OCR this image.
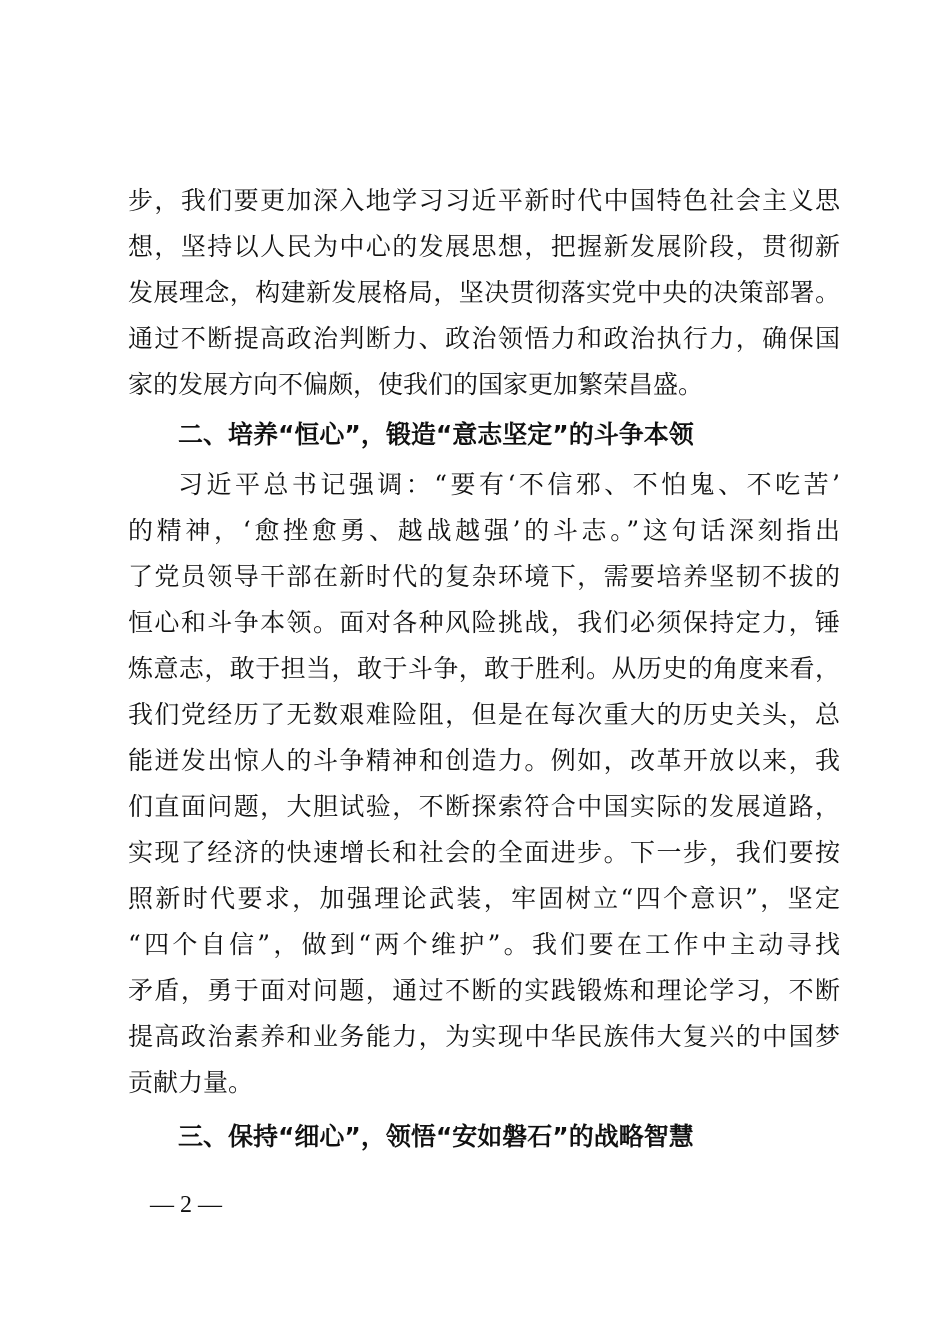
步，我们要更加深入地学习习近平新时代中国特色社会主义思
想，坚持以人民为中心的发展思想，把握新发展阶段，贯彻新
发展理念，构建新发展格局，坚决贯彻落实党中央的决策部署。
通过不断提高政治判断力、政治领悟力和政治执行力，确保国
家的发展方向不偏颇，使我们的国家更加繁荣昌盛。
二、培养“恒心”，锻造“意志坚定”的斗争本领
习近平总书记强调：“要有‘不信邪、不怕鬼、不吃苦’
的精神，‘愈挫愈勇、越战越强’的斗志。”这句话深刻指出
了党员领导干部在新时代的复杂环境下，需要培养坚韧不拔的
恒心和斗争本领。面对各种风险挑战，我们必须保持定力，锤
炼意志，敢于担当，敢于斗争，敢于胜利。从历史的角度来看，
我们党经历了无数艰难险阻，但是在每次重大的历史关头，总
能迸发出惊人的斗争精神和创造力。例如，改革开放以来，我
们直面问题，大胆试验，不断探索符合中国实际的发展道路，
实现了经济的快速增长和社会的全面进步。下一步，我们要按
照新时代要求，加强理论武装，牢固树立“四个意识”，坚定
“四个自信”，做到“两个维护”。我们要在工作中主动寻找
矛盾，勇于面对问题，通过不断的实践锻炼和理论学习，不断
提高政治素养和业务能力，为实现中华民族伟大复兴的中国梦
贡献力量。
三、保持“细心”，领悟“安如磐石”的战略智慧
— 2 —
